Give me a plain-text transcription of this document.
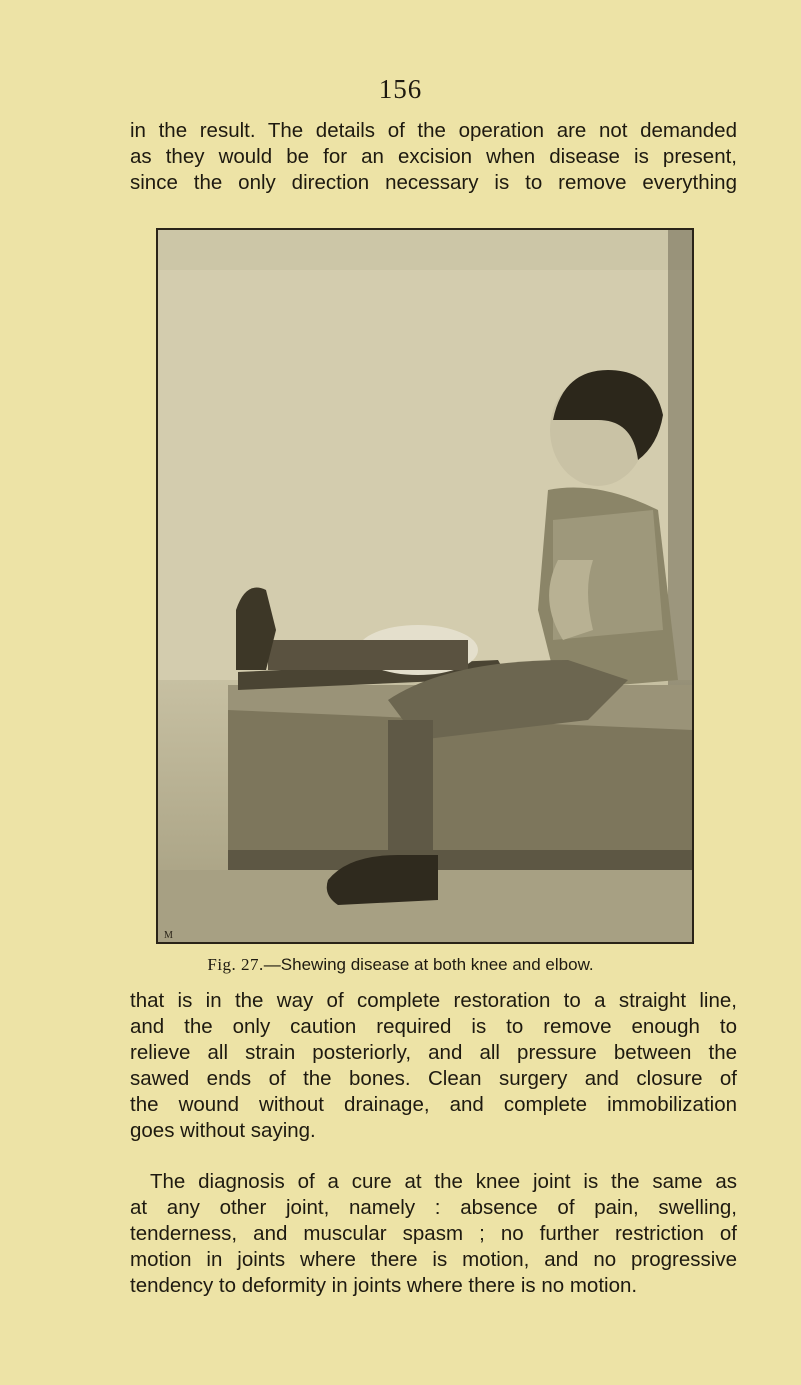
156

in the result. The details of the operation are not demanded
as they would be for an excision when disease is present,
since the only direction necessary is to remove everything

M
Fig. 27.—Shewing disease at both knee and elbow.

that is in the way of complete restoration to a straight line,
and the only caution required is to remove enough to
relieve all strain posteriorly, and all pressure between the
sawed ends of the bones. Clean surgery and closure of
the wound without drainage, and complete immobilization
goes without saying.

The diagnosis of a cure at the knee joint is the same as
at any other joint, namely : absence of pain, swelling,
tenderness, and muscular spasm ; no further restriction of
motion in joints where there is motion, and no progressive
tendency to deformity in joints where there is no motion.
